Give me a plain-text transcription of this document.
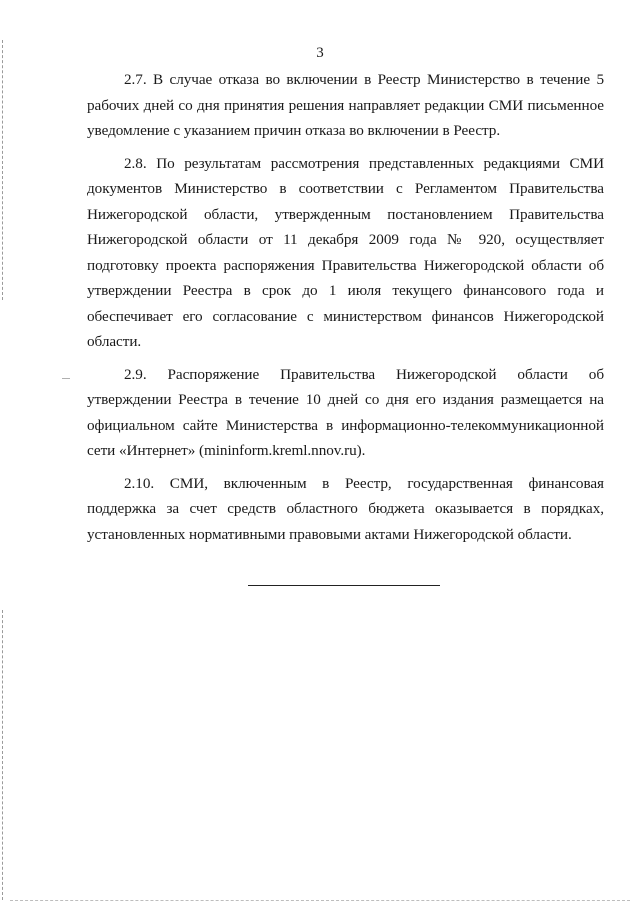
3

2.7. В случае отказа во включении в Реестр Министерство в течение 5 рабочих дней со дня принятия решения направляет редакции СМИ письменное уведомление с указанием причин отказа во включении в Реестр.

2.8. По результатам рассмотрения представленных редакциями СМИ документов Министерство в соответствии с Регламентом Правительства Нижегородской области, утвержденным постановлением Правительства Нижегородской области от 11 декабря 2009 года № 920, осуществляет подготовку проекта распоряжения Правительства Нижегородской области об утверждении Реестра в срок до 1 июля текущего финансового года и обеспечивает его согласование с министерством финансов Нижегородской области.

2.9. Распоряжение Правительства Нижегородской области об утверждении Реестра в течение 10 дней со дня его издания размещается на официальном сайте Министерства в информационно-телекоммуникационной сети «Интернет» (mininform.kreml.nnov.ru).

2.10. СМИ, включенным в Реестр, государственная финансовая поддержка за счет средств областного бюджета оказывается в порядках, установленных нормативными правовыми актами Нижегородской области.
